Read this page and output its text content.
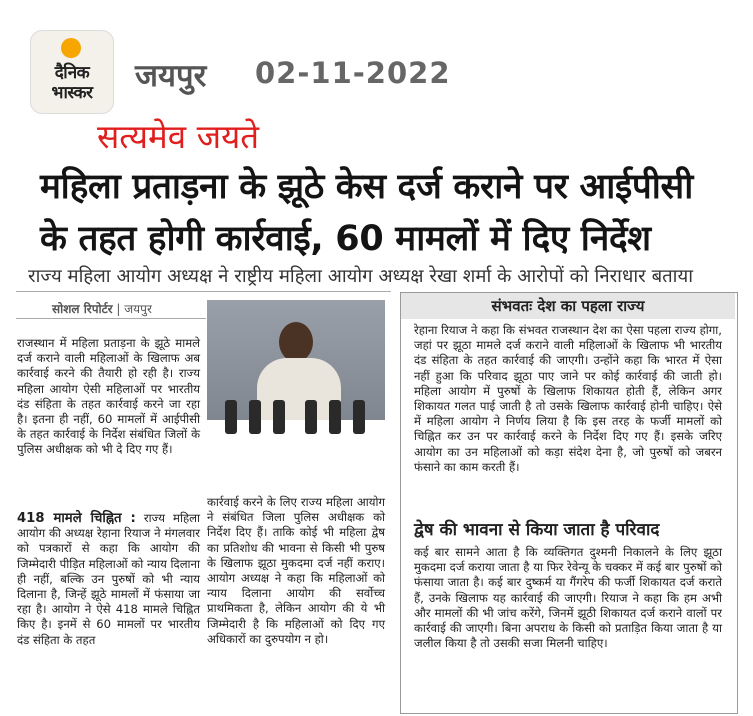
दैनिक
भास्कर	जयपुर 02-11-2022
सत्यमेव जयते
महिला प्रताड़ना के झूठे केस दर्ज कराने पर आईपीसी
के तहत होगी कार्रवाई, 60 मामलों में दिए निर्देश
राज्य महिला आयोग अध्यक्ष ने राष्ट्रीय महिला आयोग अध्यक्ष रेखा शर्मा के आरोपों को निराधार बताया
सोशल रिपोर्टर | जयपुर

राजस्थान में महिला प्रताड़ना के झूठे मामले दर्ज कराने वाली महिलाओं के खिलाफ अब कार्रवाई करने की तैयारी हो रही है। राज्य महिला आयोग ऐसी महिलाओं पर भारतीय दंड संहिता के तहत कार्रवाई करने जा रहा है। इतना ही नहीं, 60 मामलों में आईपीसी के तहत कार्रवाई के निर्देश संबंधित जिलों के पुलिस अधीक्षक को भी दे दिए गए हैं।

418 मामले चिह्नित : राज्य महिला आयोग की अध्यक्ष रेहाना रियाज ने मंगलवार को पत्रकारों से कहा कि आयोग की जिम्मेदारी पीड़ित महिलाओं को न्याय दिलाना ही नहीं, बल्कि उन पुरुषों को भी न्याय दिलाना है, जिन्हें झूठे मामलों में फंसाया जा रहा है। आयोग ने ऐसे 418 मामले चिह्नित किए है। इनमें से 60 मामलों पर भारतीय दंड संहिता के तहत

कार्रवाई करने के लिए राज्य महिला आयोग ने संबंधित जिला पुलिस अधीक्षक को निर्देश दिए हैं। ताकि कोई भी महिला द्वेष का प्रतिशोध की भावना से किसी भी पुरुष के खिलाफ झूठा मुकदमा दर्ज नहीं कराए। आयोग अध्यक्ष ने कहा कि महिलाओं को न्याय दिलाना आयोग की सर्वोच्च प्राथमिकता है, लेकिन आयोग की ये भी जिम्मेदारी है कि महिलाओं को दिए गए अधिकारों का दुरुपयोग न हो।

संभवतः देश का पहला राज्य

रेहाना रियाज ने कहा कि संभवत राजस्थान देश का ऐसा पहला राज्य होगा, जहां पर झूठा मामले दर्ज कराने वाली महिलाओं के खिलाफ भी भारतीय दंड संहिता के तहत कार्रवाई की जाएगी। उन्होंने कहा कि भारत में ऐसा नहीं हुआ कि परिवाद झूठा पाए जाने पर कोई कार्रवाई की जाती हो। महिला आयोग में पुरुषों के खिलाफ शिकायत होती हैं, लेकिन अगर शिकायत गलत पाई जाती है तो उसके खिलाफ कार्रवाई होनी चाहिए। ऐसे में महिला आयोग ने निर्णय लिया है कि इस तरह के फर्जी मामलों को चिह्नित कर उन पर कार्रवाई करने के निर्देश दिए गए हैं। इसके जरिए आयोग का उन महिलाओं को कड़ा संदेश देना है, जो पुरुषों को जबरन फंसाने का काम करती हैं।

द्वेष की भावना से किया जाता है परिवाद

कई बार सामने आता है कि व्यक्तिगत दुश्मनी निकालने के लिए झूठा मुकदमा दर्ज कराया जाता है या फिर रेवेन्यू के चक्कर में कई बार पुरुषों को फंसाया जाता है। कई बार दुष्कर्म या गैंगरेप की फर्जी शिकायत दर्ज कराते हैं, उनके खिलाफ यह कार्रवाई की जाएगी। रियाज ने कहा कि हम अभी और मामलों की भी जांच करेंगे, जिनमें झूठी शिकायत दर्ज कराने वालों पर कार्रवाई की जाएगी। बिना अपराध के किसी को प्रताड़ित किया जाता है या जलील किया है तो उसकी सजा मिलनी चाहिए।
